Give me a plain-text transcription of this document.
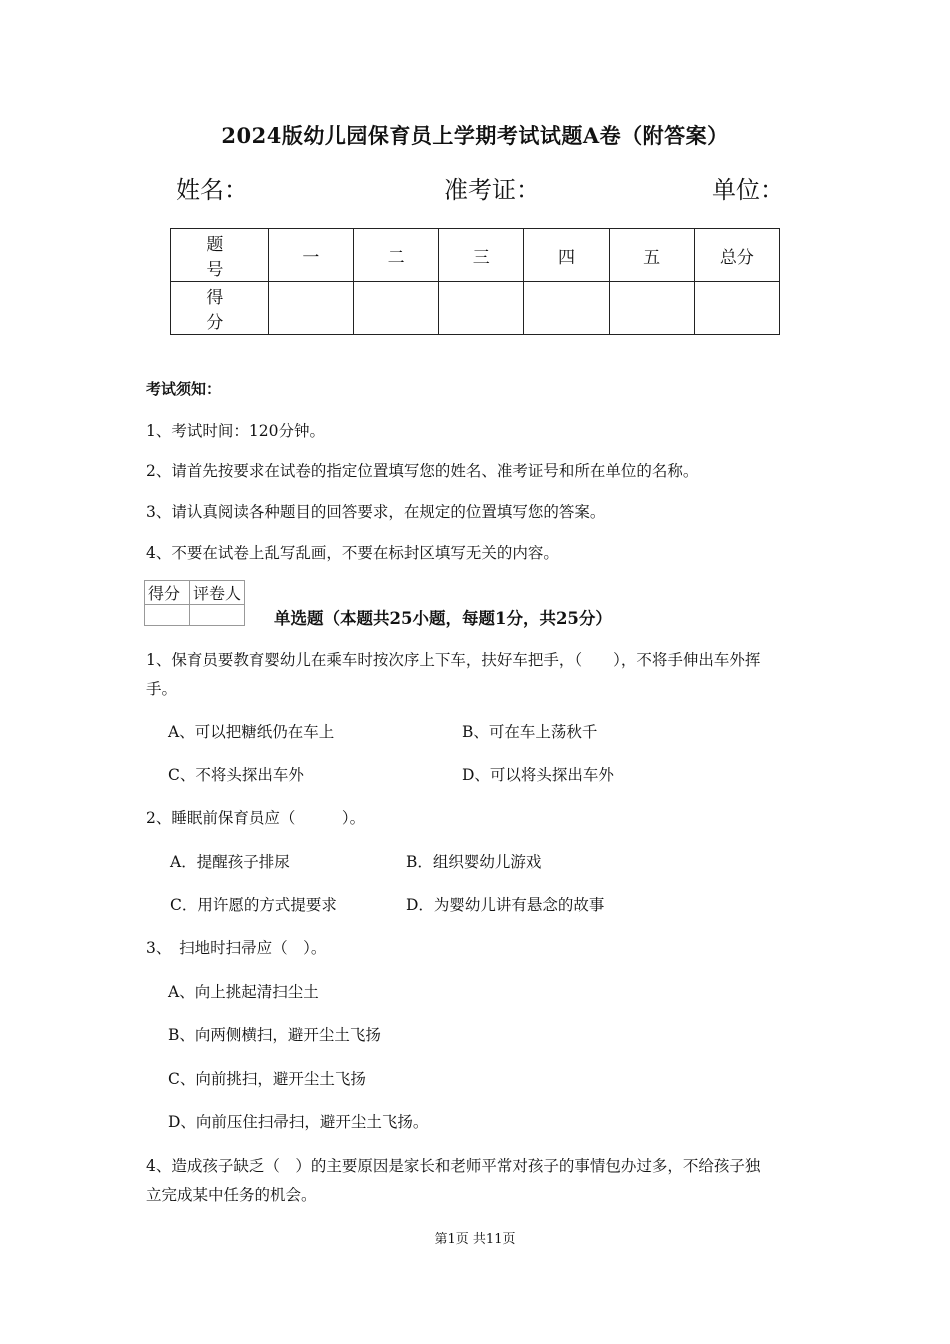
2024版幼儿园保育员上学期考试试题A卷（附答案）
姓名：	准考证：	单位：
题　号	一	二	三	四	五	总分
得　分						
考试须知：
1、考试时间：120分钟。
2、请首先按要求在试卷的指定位置填写您的姓名、准考证号和所在单位的名称。
3、请认真阅读各种题目的回答要求，在规定的位置填写您的答案。
4、不要在试卷上乱写乱画，不要在标封区填写无关的内容。
得分	评卷人

单选题（本题共25小题，每题1分，共25分）
1、保育员要教育婴幼儿在乘车时按次序上下车，扶好车把手，（　　），不将手伸出车外挥
手。
A、可以把糖纸仍在车上	B、可在车上荡秋千
C、不将头探出车外	D、可以将头探出车外
2、睡眠前保育员应（　　　）。
A．提醒孩子排尿	B．组织婴幼儿游戏
C．用许愿的方式提要求	D．为婴幼儿讲有悬念的故事
3、　扫地时扫帚应（　）。
A、向上挑起清扫尘土
B、向两侧横扫，避开尘土飞扬
C、向前挑扫，避开尘土飞扬
D、向前压住扫帚扫，避开尘土飞扬。
4、造成孩子缺乏（　）的主要原因是家长和老师平常对孩子的事情包办过多，不给孩子独
立完成某中任务的机会。
第1页 共11页
